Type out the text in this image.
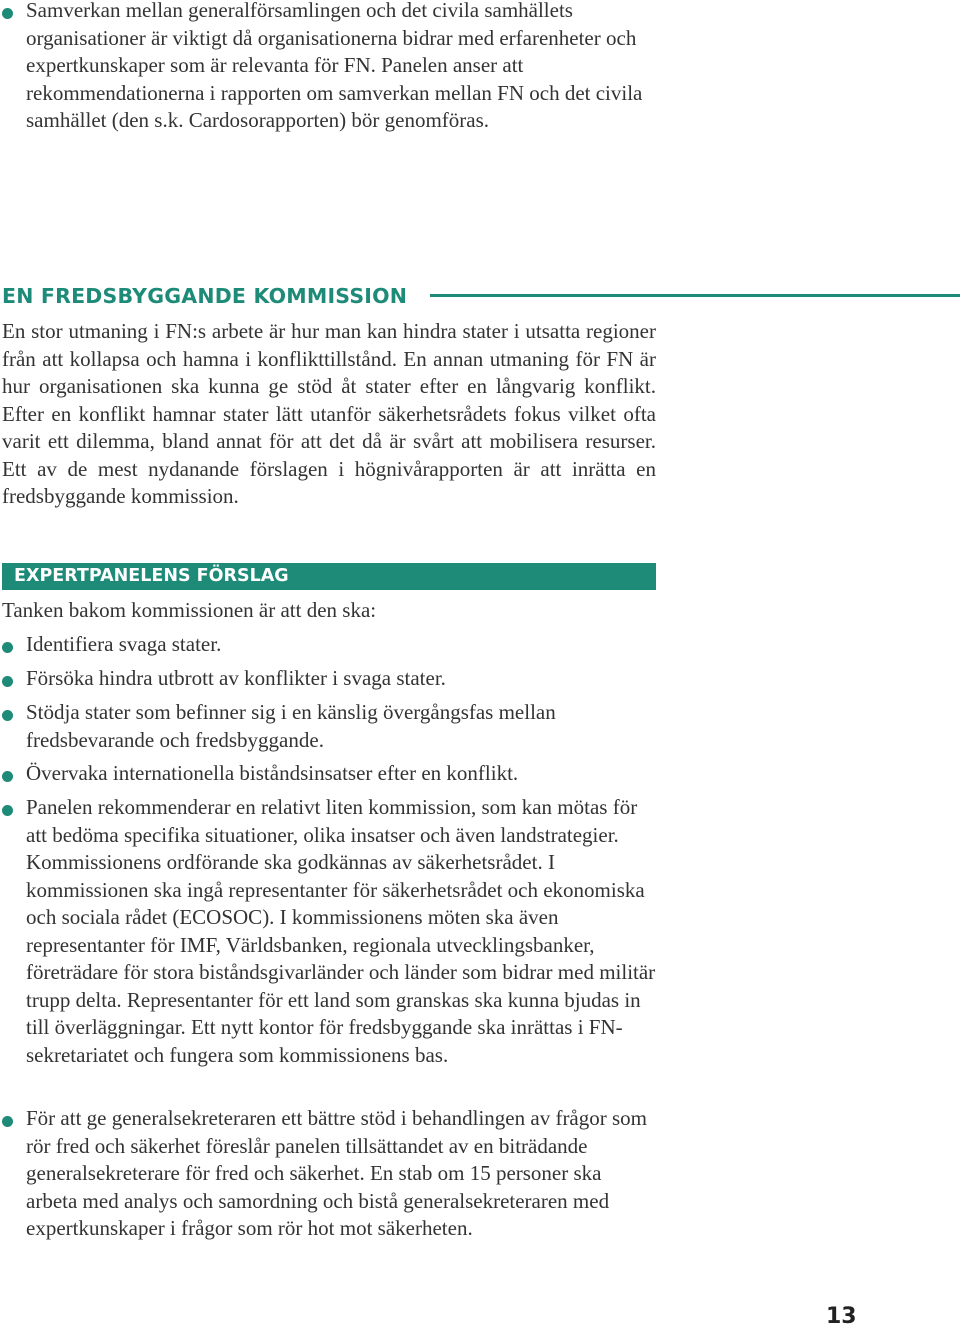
Samverkan mellan generalförsamlingen och det civila samhällets organisationer är viktigt då organisationerna bidrar med erfarenheter och expertkunskaper som är relevanta för FN. Panelen anser att rekommendationerna i rapporten om samverkan mellan FN och det civila samhället (den s.k. Cardosorapporten) bör genomföras.

EN FREDSBYGGANDE KOMMISSION

En stor utmaning i FN:s arbete är hur man kan hindra stater i utsatta regioner från att kollapsa och hamna i konflikttillstånd. En annan utmaning för FN är hur organisationen ska kunna ge stöd åt stater efter en långvarig konflikt. Efter en konflikt hamnar stater lätt utanför säkerhetsrådets fokus vilket ofta varit ett dilemma, bland annat för att det då är svårt att mobilisera resurser. Ett av de mest nydanande förslagen i högnivårapporten är att inrätta en fredsbyggande kommission.

EXPERTPANELENS FÖRSLAG

Tanken bakom kommissionen är att den ska:

Identifiera svaga stater.

Försöka hindra utbrott av konflikter i svaga stater.

Stödja stater som befinner sig i en känslig övergångsfas mellan fredsbevarande och fredsbyggande.

Övervaka internationella biståndsinsatser efter en konflikt.

Panelen rekommenderar en relativt liten kommission, som kan mötas för att bedöma specifika situationer, olika insatser och även landstrategier. Kommissionens ordförande ska godkännas av säkerhetsrådet. I kommissionen ska ingå representanter för säkerhetsrådet och ekonomiska och sociala rådet (ECOSOC). I kommissionens möten ska även representanter för IMF, Världsbanken, regionala utvecklingsbanker, företrädare för stora biståndsgivarländer och länder som bidrar med militär trupp delta. Representanter för ett land som granskas ska kunna bjudas in till överläggningar. Ett nytt kontor för fredsbyggande ska inrättas i FN-sekretariatet och fungera som kommissionens bas.

För att ge generalsekreteraren ett bättre stöd i behandlingen av frågor som rör fred och säkerhet föreslår panelen tillsättandet av en biträdande generalsekreterare för fred och säkerhet. En stab om 15 personer ska arbeta med analys och samordning och bistå generalsekreteraren med expertkunskaper i frågor som rör hot mot säkerheten.

13
